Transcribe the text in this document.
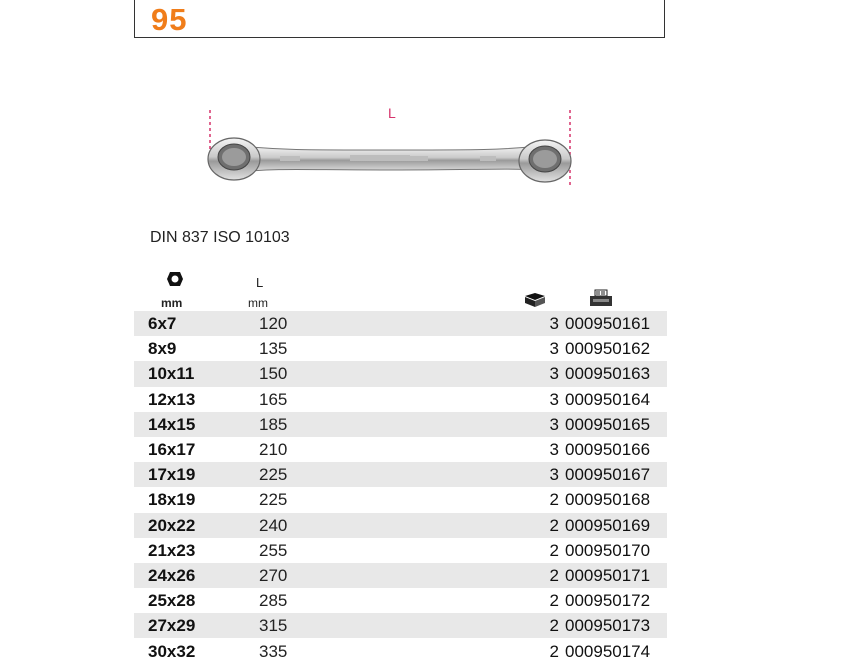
95
L
DIN 837 ISO 10103
mm
L
mm
6x7	120	3	000950161
8x9	135	3	000950162
10x11	150	3	000950163
12x13	165	3	000950164
14x15	185	3	000950165
16x17	210	3	000950166
17x19	225	3	000950167
18x19	225	2	000950168
20x22	240	2	000950169
21x23	255	2	000950170
24x26	270	2	000950171
25x28	285	2	000950172
27x29	315	2	000950173
30x32	335	2	000950174
